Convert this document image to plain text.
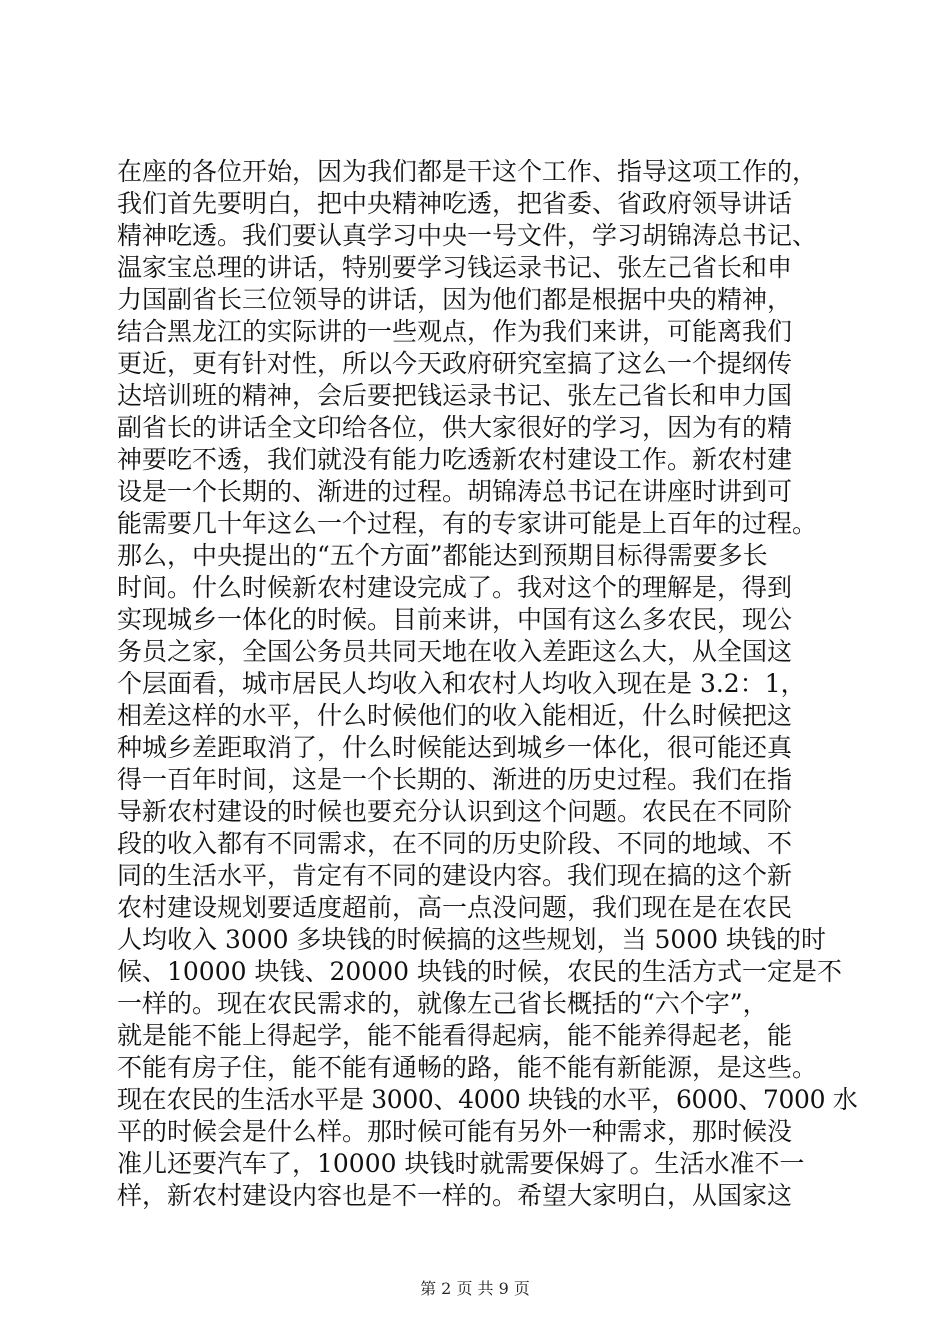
在座的各位开始，因为我们都是干这个工作、指导这项工作的，
我们首先要明白，把中央精神吃透，把省委、省政府领导讲话
精神吃透。我们要认真学习中央一号文件，学习胡锦涛总书记、
温家宝总理的讲话，特别要学习钱运录书记、张左己省长和申
力国副省长三位领导的讲话，因为他们都是根据中央的精神，
结合黑龙江的实际讲的一些观点，作为我们来讲，可能离我们
更近，更有针对性，所以今天政府研究室搞了这么一个提纲传
达培训班的精神，会后要把钱运录书记、张左己省长和申力国
副省长的讲话全文印给各位，供大家很好的学习，因为有的精
神要吃不透，我们就没有能力吃透新农村建设工作。新农村建
设是一个长期的、渐进的过程。胡锦涛总书记在讲座时讲到可
能需要几十年这么一个过程，有的专家讲可能是上百年的过程。
那么，中央提出的“五个方面”都能达到预期目标得需要多长
时间。什么时候新农村建设完成了。我对这个的理解是，得到
实现城乡一体化的时候。目前来讲，中国有这么多农民，现公
务员之家，全国公务员共同天地在收入差距这么大，从全国这
个层面看，城市居民人均收入和农村人均收入现在是 3.2：1，
相差这样的水平，什么时候他们的收入能相近，什么时候把这
种城乡差距取消了，什么时候能达到城乡一体化，很可能还真
得一百年时间，这是一个长期的、渐进的历史过程。我们在指
导新农村建设的时候也要充分认识到这个问题。农民在不同阶
段的收入都有不同需求，在不同的历史阶段、不同的地域、不
同的生活水平，肯定有不同的建设内容。我们现在搞的这个新
农村建设规划要适度超前，高一点没问题，我们现在是在农民
人均收入 3000 多块钱的时候搞的这些规划，当 5000 块钱的时
候、10000 块钱、20000 块钱的时候，农民的生活方式一定是不
一样的。现在农民需求的，就像左己省长概括的“六个字”，
就是能不能上得起学，能不能看得起病，能不能养得起老，能
不能有房子住，能不能有通畅的路，能不能有新能源，是这些。
现在农民的生活水平是 3000、4000 块钱的水平，6000、7000 水
平的时候会是什么样。那时候可能有另外一种需求，那时候没
准儿还要汽车了，10000 块钱时就需要保姆了。生活水准不一
样，新农村建设内容也是不一样的。希望大家明白，从国家这
第 2 页 共 9 页
